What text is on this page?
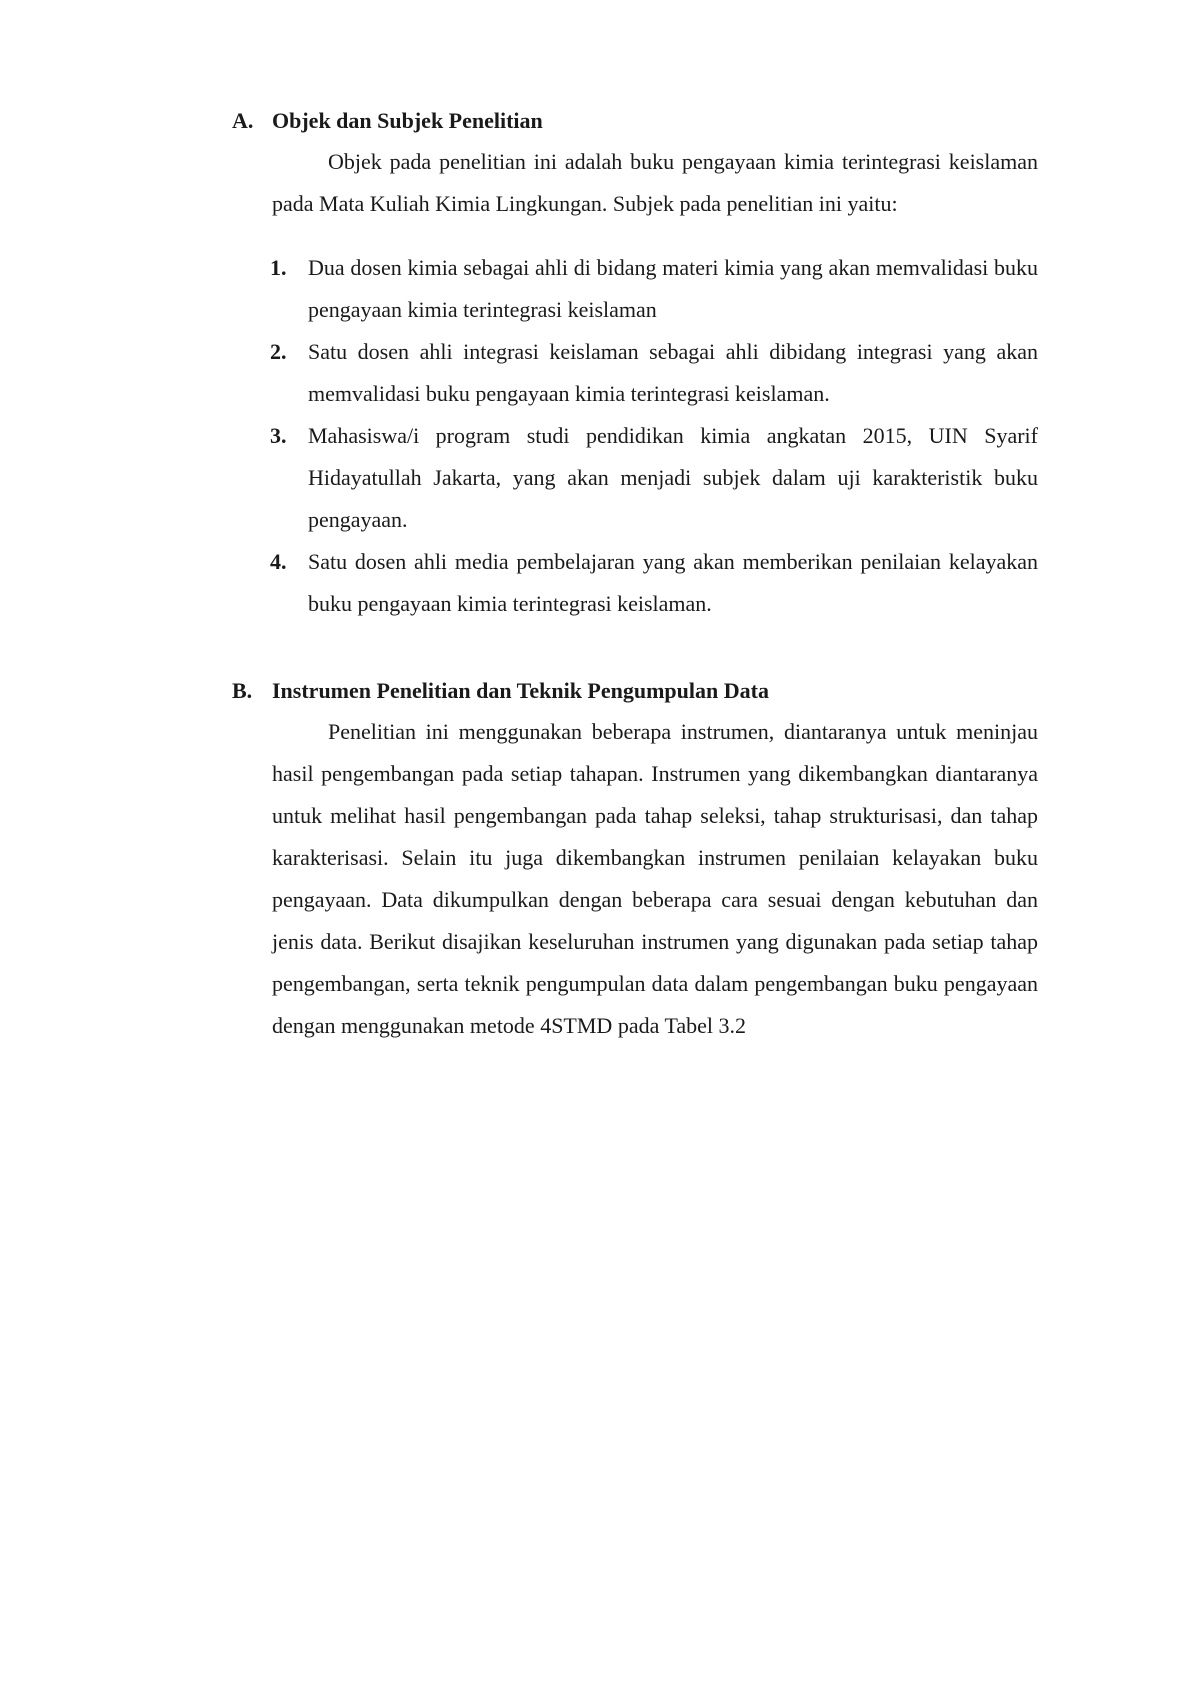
A. Objek dan Subjek Penelitian

Objek pada penelitian ini adalah buku pengayaan kimia terintegrasi keislaman pada Mata Kuliah Kimia Lingkungan. Subjek pada penelitian ini yaitu:

1. Dua dosen kimia sebagai ahli di bidang materi kimia yang akan memvalidasi buku pengayaan kimia terintegrasi keislaman
2. Satu dosen ahli integrasi keislaman sebagai ahli dibidang integrasi yang akan memvalidasi buku pengayaan kimia terintegrasi keislaman.
3. Mahasiswa/i program studi pendidikan kimia angkatan 2015, UIN Syarif Hidayatullah Jakarta, yang akan menjadi subjek dalam uji karakteristik buku pengayaan.
4. Satu dosen ahli media pembelajaran yang akan memberikan penilaian kelayakan buku pengayaan kimia terintegrasi keislaman.
B. Instrumen Penelitian dan Teknik Pengumpulan Data

Penelitian ini menggunakan beberapa instrumen, diantaranya untuk meninjau hasil pengembangan pada setiap tahapan. Instrumen yang dikembangkan diantaranya untuk melihat hasil pengembangan pada tahap seleksi, tahap strukturisasi, dan tahap karakterisasi. Selain itu juga dikembangkan instrumen penilaian kelayakan buku pengayaan. Data dikumpulkan dengan beberapa cara sesuai dengan kebutuhan dan jenis data. Berikut disajikan keseluruhan instrumen yang digunakan pada setiap tahap pengembangan, serta teknik pengumpulan data dalam pengembangan buku pengayaan dengan menggunakan metode 4STMD pada Tabel 3.2
